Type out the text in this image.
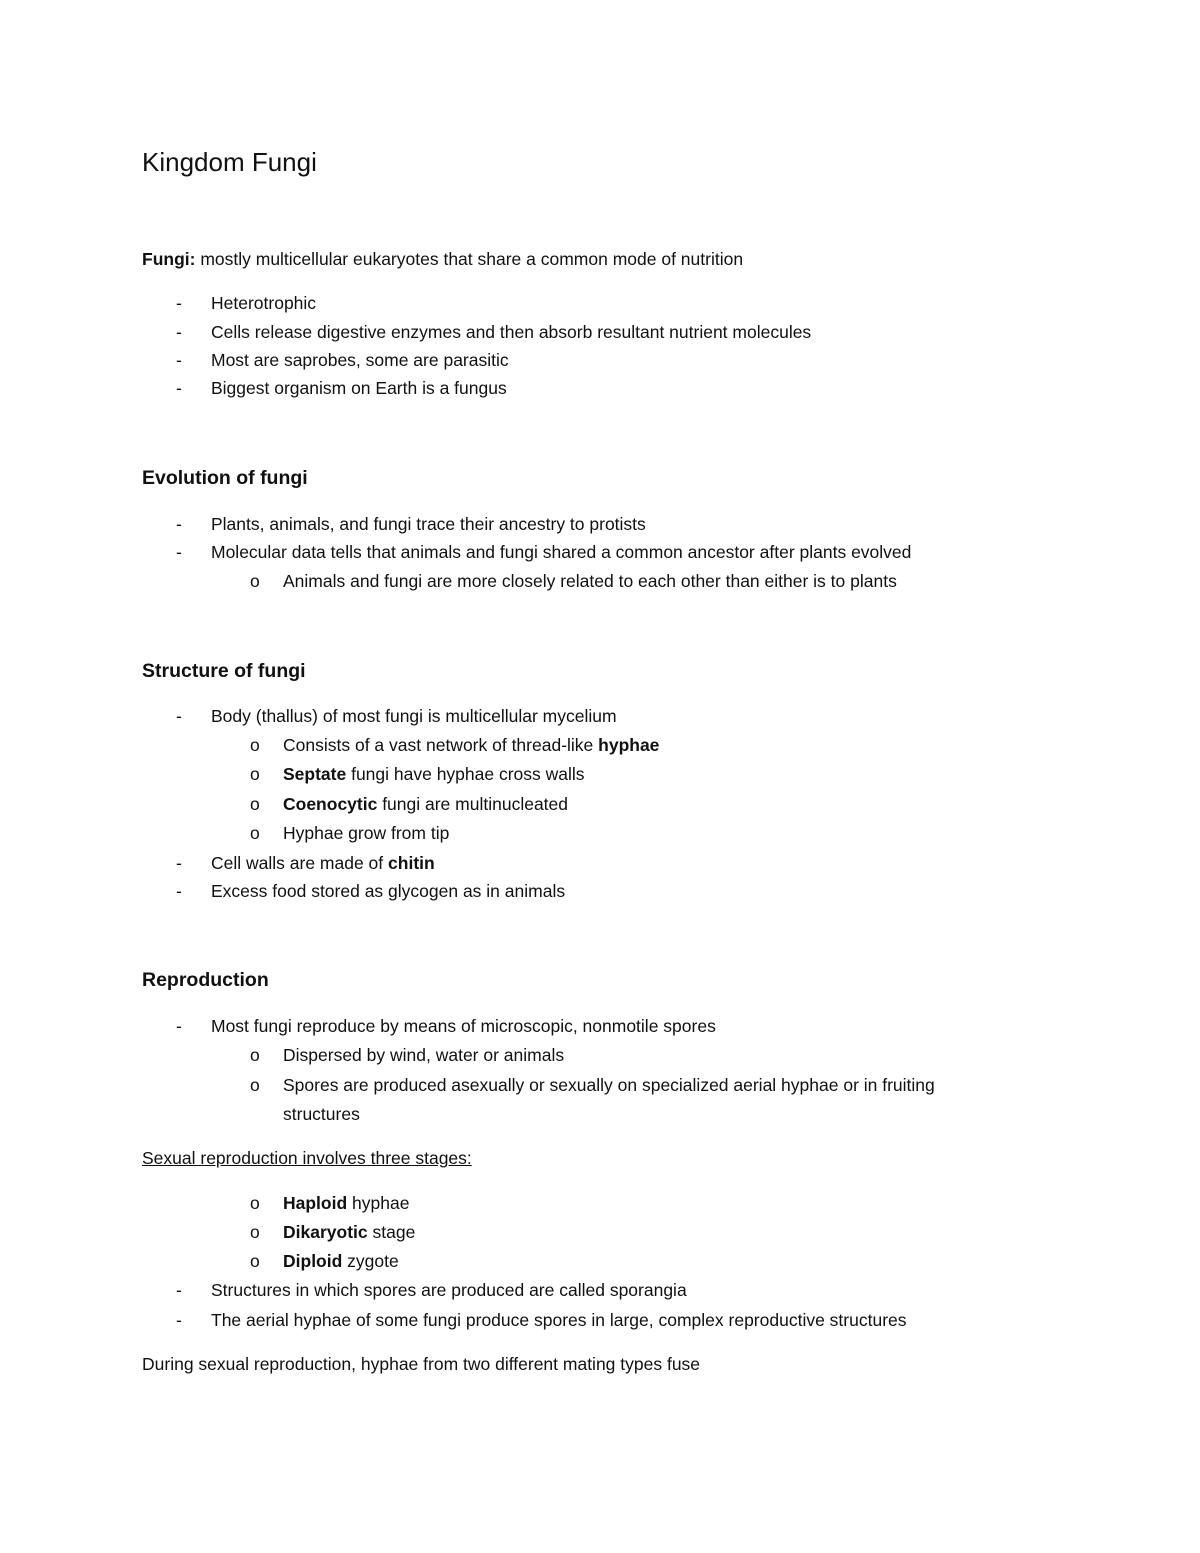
Kingdom Fungi
Fungi: mostly multicellular eukaryotes that share a common mode of nutrition
- Heterotrophic
- Cells release digestive enzymes and then absorb resultant nutrient molecules
- Most are saprobes, some are parasitic
- Biggest organism on Earth is a fungus
Evolution of fungi
- Plants, animals, and fungi trace their ancestry to protists
- Molecular data tells that animals and fungi shared a common ancestor after plants evolved
o Animals and fungi are more closely related to each other than either is to plants
Structure of fungi
- Body (thallus) of most fungi is multicellular mycelium
o Consists of a vast network of thread-like hyphae
o Septate fungi have hyphae cross walls
o Coenocytic fungi are multinucleated
o Hyphae grow from tip
- Cell walls are made of chitin
- Excess food stored as glycogen as in animals
Reproduction
- Most fungi reproduce by means of microscopic, nonmotile spores
o Dispersed by wind, water or animals
o Spores are produced asexually or sexually on specialized aerial hyphae or in fruiting
structures
Sexual reproduction involves three stages:
o Haploid hyphae
o Dikaryotic stage
o Diploid zygote
- Structures in which spores are produced are called sporangia
- The aerial hyphae of some fungi produce spores in large, complex reproductive structures
During sexual reproduction, hyphae from two different mating types fuse
